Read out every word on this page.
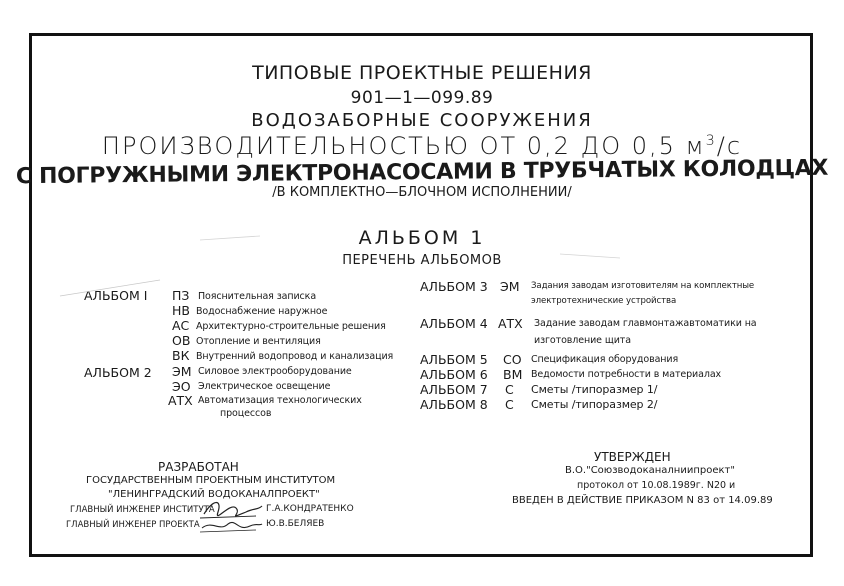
ТИПОВЫЕ ПРОЕКТНЫЕ РЕШЕНИЯ
901—1—099.89
ВОДОЗАБОРНЫЕ СООРУЖЕНИЯ
ПРОИЗВОДИТЕЛЬНОСТЬЮ ОТ 0,2 ДО 0,5 $м^3/с$
С ПОГРУЖНЫМИ ЭЛЕКТРОНАСОСАМИ В ТРУБЧАТЫХ КОЛОДЦАХ
/В КОМПЛЕКТНО—БЛОЧНОМ ИСПОЛНЕНИИ/
АЛЬБОМ 1
ПЕРЕЧЕНЬ АЛЬБОМОВ
АЛЬБОМ I ПЗ Пояснительная записка
НВ Водоснабжение наружное
АС Архитектурно-строительные решения
ОВ Отопление и вентиляция
ВК Внутренний водопровод и канализация
АЛЬБОМ 2 ЭМ Силовое электрооборудование
ЭО Электрическое освещение
АТХ Автоматизация технологических
процессов
АЛЬБОМ 3 ЭМ Задания заводам изготовителям на комплектные
электротехнические устройства
АЛЬБОМ 4 АТХ Задание заводам главмонтажавтоматики на
изготовление щита
АЛЬБОМ 5 СО Спецификация оборудования
АЛЬБОМ 6 ВМ Ведомости потребности в материалах
АЛЬБОМ 7 С Сметы /типоразмер 1/
АЛЬБОМ 8 С Сметы /типоразмер 2/
РАЗРАБОТАН
ГОСУДАРСТВЕННЫМ ПРОЕКТНЫМ ИНСТИТУТОМ
"ЛЕНИНГРАДСКИЙ ВОДОКАНАЛПРОЕКТ"
ГЛАВНЫЙ ИНЖЕНЕР ИНСТИТУТА	Г.А.КОНДРАТЕНКО
ГЛАВНЫЙ ИНЖЕНЕР ПРОЕКТА	Ю.В.БЕЛЯЕВ
УТВЕРЖДЕН
В.О."Союзводоканалниипроект"
протокол от 10.08.1989г. N20 и
ВВЕДЕН В ДЕЙСТВИЕ ПРИКАЗОМ N 83 от 14.09.89
